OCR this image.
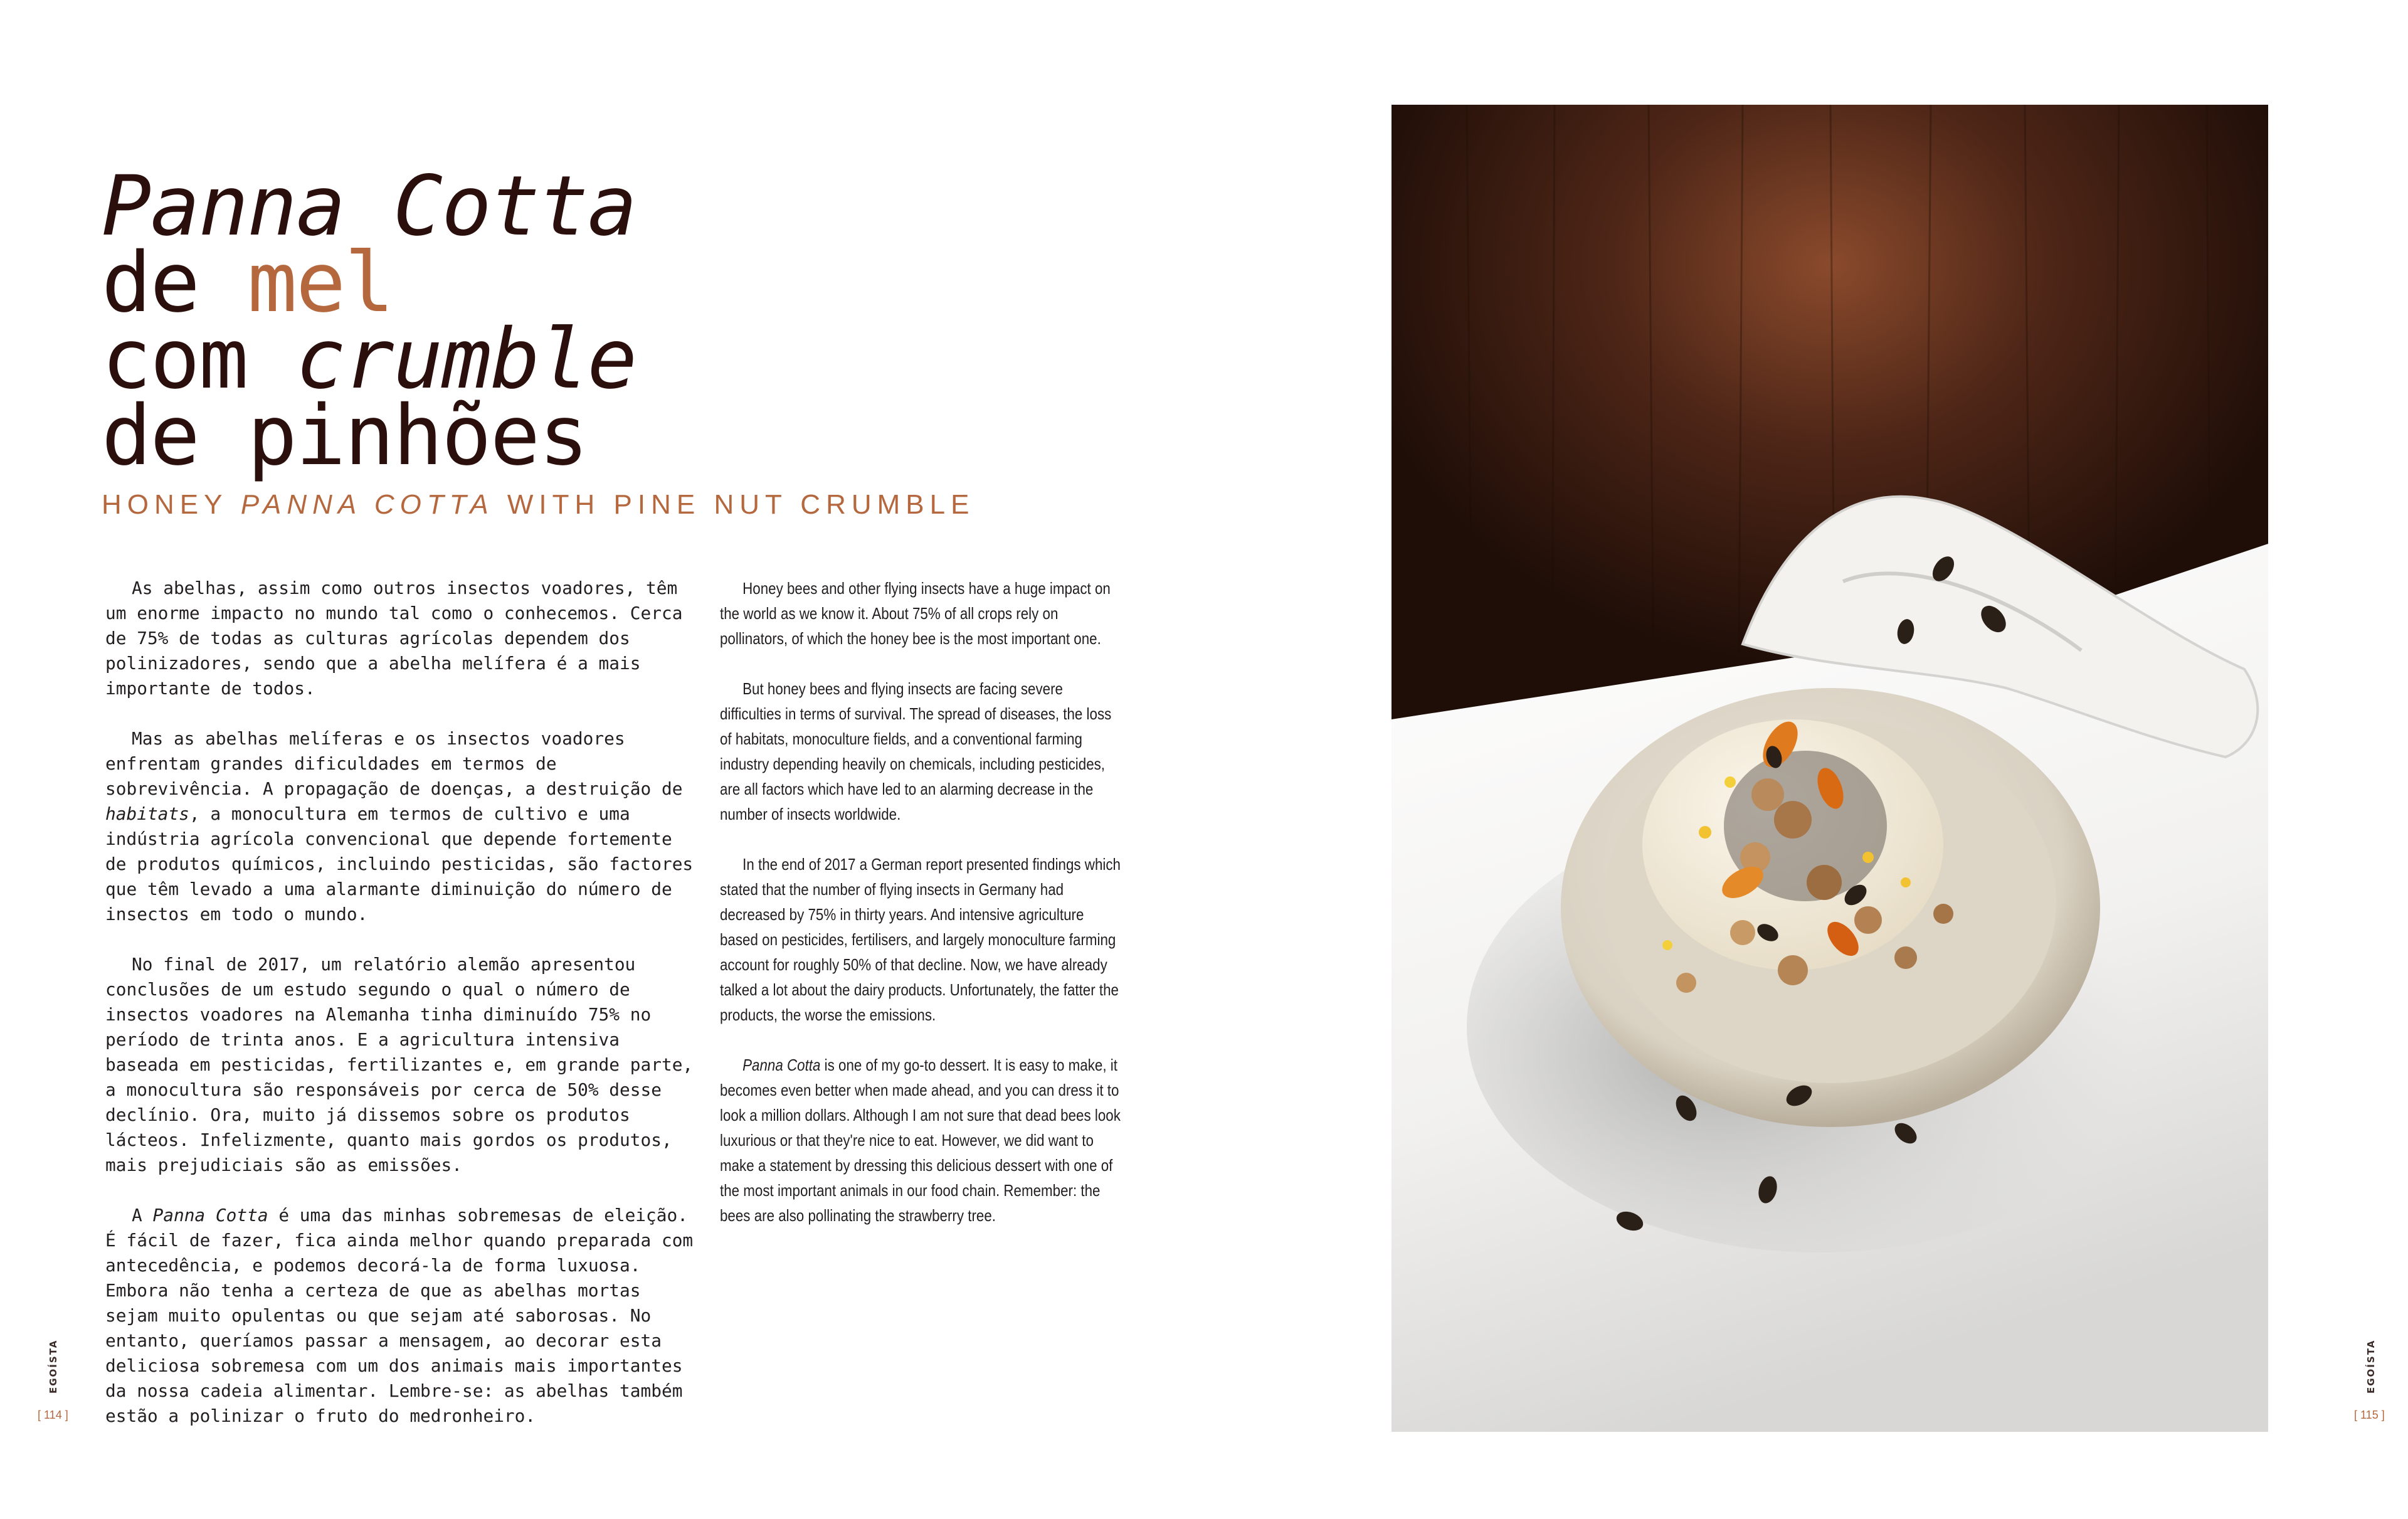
Panna Cotta
de mel
com crumble
de pinhões
HONEY PANNA COTTA WITH PINE NUT CRUMBLE

As abelhas, assim como outros insectos voadores, têm um enorme impacto no mundo tal como o conhecemos. Cerca de 75% de todas as culturas agrícolas dependem dos polinizadores, sendo que a abelha melífera é a mais importante de todos.

Mas as abelhas melíferas e os insectos voadores enfrentam grandes dificuldades em termos de sobrevivência. A propagação de doenças, a destruição de habitats, a monocultura em termos de cultivo e uma indústria agrícola convencional que depende fortemente de produtos químicos, incluindo pesticidas, são factores que têm levado a uma alarmante diminuição do número de insectos em todo o mundo.

No final de 2017, um relatório alemão apresentou conclusões de um estudo segundo o qual o número de insectos voadores na Alemanha tinha diminuído 75% no período de trinta anos. E a agricultura intensiva baseada em pesticidas, fertilizantes e, em grande parte, a monocultura são responsáveis por cerca de 50% desse declínio. Ora, muito já dissemos sobre os produtos lácteos. Infelizmente, quanto mais gordos os produtos, mais prejudiciais são as emissões.

A Panna Cotta é uma das minhas sobremesas de eleição. É fácil de fazer, fica ainda melhor quando preparada com antecedência, e podemos decorá-la de forma luxuosa. Embora não tenha a certeza de que as abelhas mortas sejam muito opulentas ou que sejam até saborosas. No entanto, queríamos passar a mensagem, ao decorar esta deliciosa sobremesa com um dos animais mais importantes da nossa cadeia alimentar. Lembre-se: as abelhas também estão a polinizar o fruto do medronheiro.

Honey bees and other flying insects have a huge impact on the world as we know it. About 75% of all crops rely on pollinators, of which the honey bee is the most important one.

But honey bees and flying insects are facing severe difficulties in terms of survival. The spread of diseases, the loss of habitats, monoculture fields, and a conventional farming industry depending heavily on chemicals, including pesticides, are all factors which have led to an alarming decrease in the number of insects worldwide.

In the end of 2017 a German report presented findings which stated that the number of flying insects in Germany had decreased by 75% in thirty years. And intensive agriculture based on pesticides, fertilisers, and largely monoculture farming account for roughly 50% of that decline. Now, we have already talked a lot about the dairy products. Unfortunately, the fatter the products, the worse the emissions.

Panna Cotta is one of my go-to dessert. It is easy to make, it becomes even better when made ahead, and you can dress it to look a million dollars. Although I am not sure that dead bees look luxurious or that they're nice to eat. However, we did want to make a statement by dressing this delicious dessert with one of the most important animals in our food chain. Remember: the bees are also pollinating the strawberry tree.

EGOÍSTA
[ 114 ]
EGOÍSTA
[ 115 ]
